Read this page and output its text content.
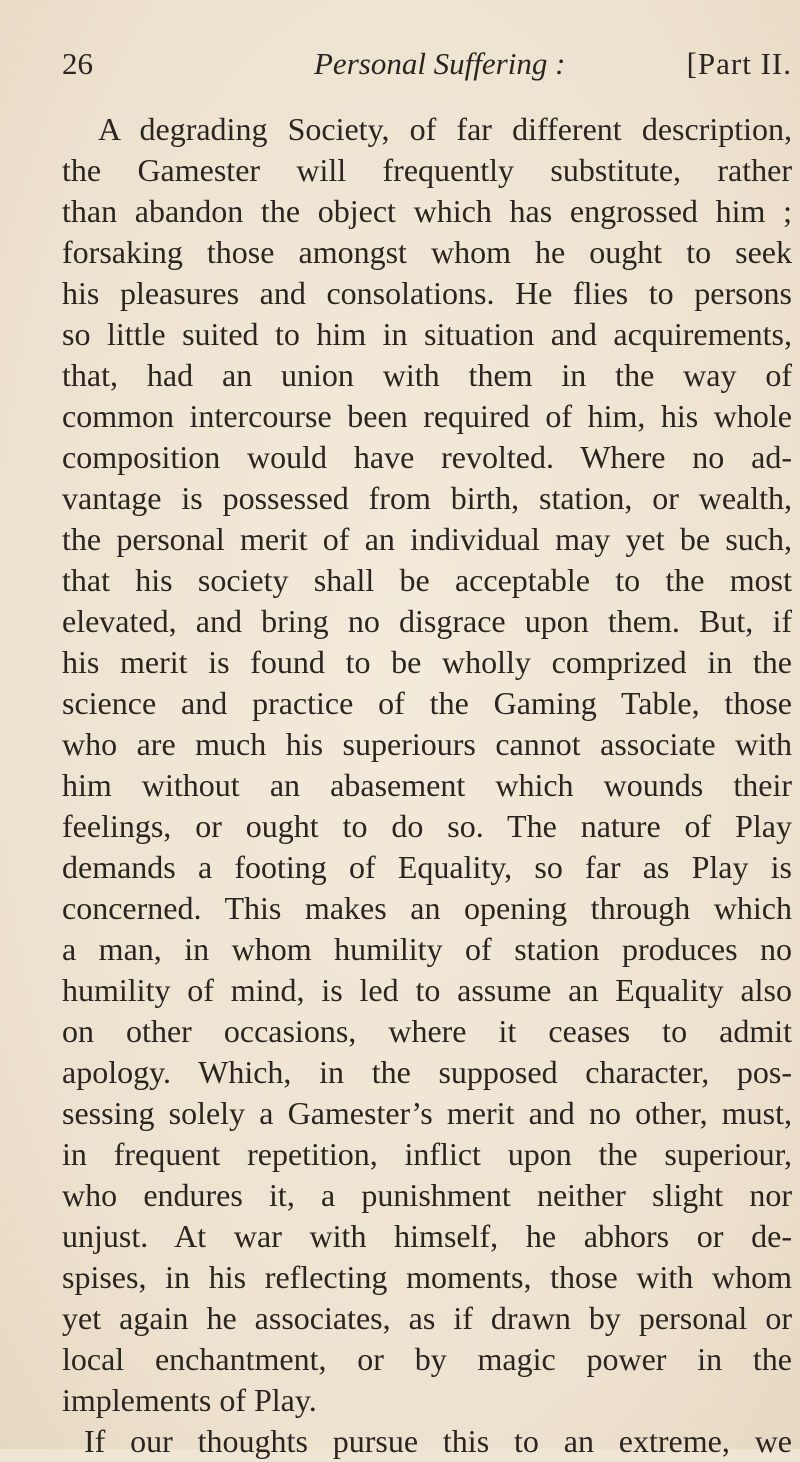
26	Personal Suffering :	[Part II.
A degrading Society, of far different description,
the Gamester will frequently substitute, rather
than abandon the object which has engrossed him ;
forsaking those amongst whom he ought to seek
his pleasures and consolations. He flies to persons
so little suited to him in situation and acquirements,
that, had an union with them in the way of
common intercourse been required of him, his whole
composition would have revolted. Where no ad-
vantage is possessed from birth, station, or wealth,
the personal merit of an individual may yet be such,
that his society shall be acceptable to the most
elevated, and bring no disgrace upon them. But, if
his merit is found to be wholly comprized in the
science and practice of the Gaming Table, those
who are much his superiours cannot associate with
him without an abasement which wounds their
feelings, or ought to do so. The nature of Play
demands a footing of Equality, so far as Play is
concerned. This makes an opening through which
a man, in whom humility of station produces no
humility of mind, is led to assume an Equality also
on other occasions, where it ceases to admit
apology. Which, in the supposed character, pos-
sessing solely a Gamester’s merit and no other, must,
in frequent repetition, inflict upon the superiour,
who endures it, a punishment neither slight nor
unjust. At war with himself, he abhors or de-
spises, in his reflecting moments, those with whom
yet again he associates, as if drawn by personal or
local enchantment, or by magic power in the
implements of Play.
If our thoughts pursue this to an extreme, we
